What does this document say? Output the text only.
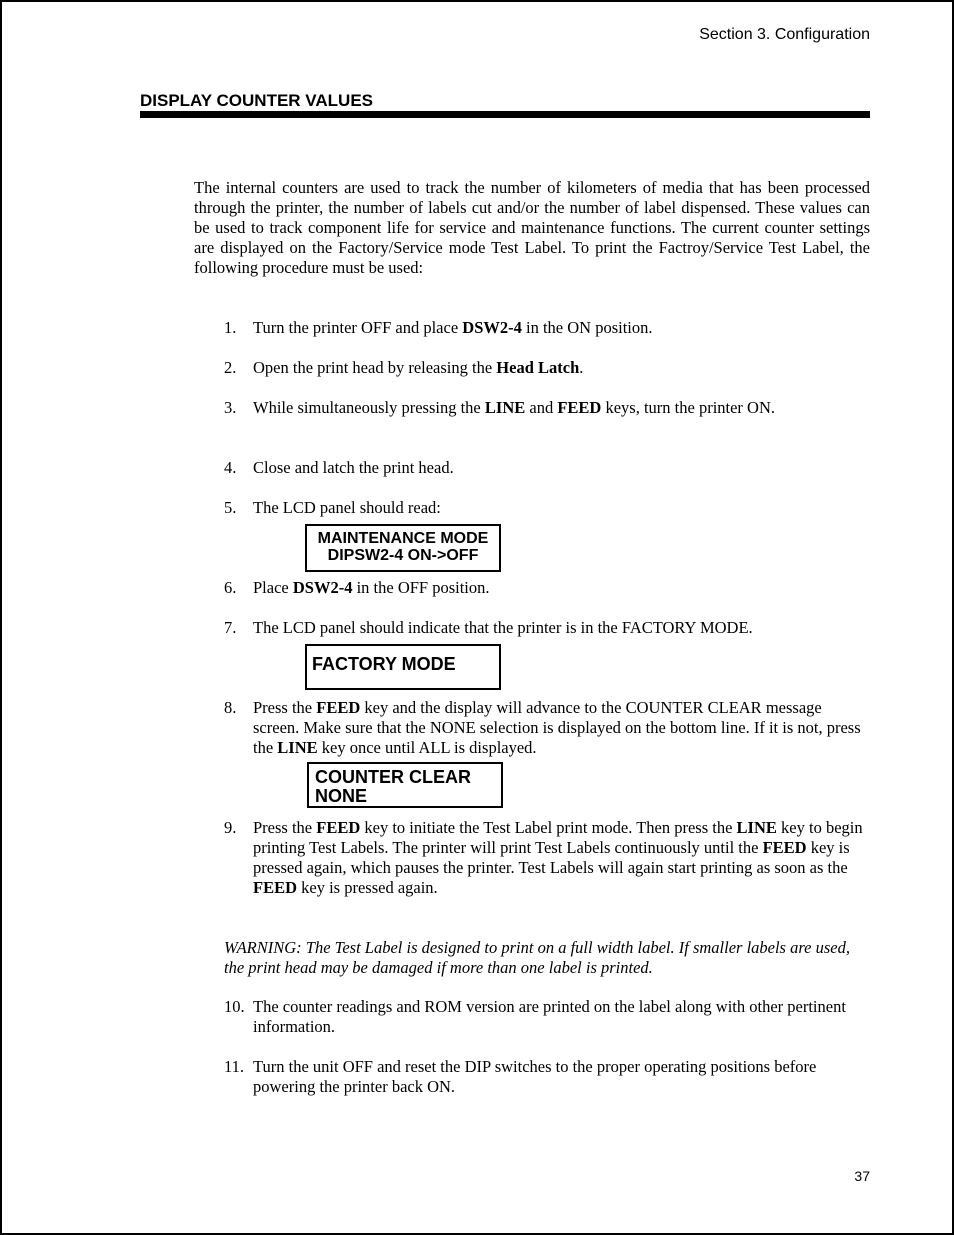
Section 3. Configuration
DISPLAY COUNTER VALUES

The internal counters are used to track the number of kilometers of media that has been processed through the printer, the number of labels cut and/or the number of label dispensed. These values can be used to track component life for service and maintenance functions. The current counter settings are displayed on the Factory/Service mode Test Label. To print the Factroy/Service Test Label, the following procedure must be used:

1. Turn the printer OFF and place DSW2-4 in the ON position.
2. Open the print head by releasing the Head Latch.
3. While simultaneously pressing the LINE and FEED keys, turn the printer ON.
4. Close and latch the print head.
5. The LCD panel should read:
MAINTENANCE MODE
DIPSW2-4 ON->OFF
6. Place DSW2-4 in the OFF position.
7. The LCD panel should indicate that the printer is in the FACTORY MODE.
FACTORY MODE
8. Press the FEED key and the display will advance to the COUNTER CLEAR message screen. Make sure that the NONE selection is displayed on the bottom line. If it is not, press the LINE key once until ALL is displayed.
COUNTER CLEAR
NONE
9. Press the FEED key to initiate the Test Label print mode. Then press the LINE key to begin printing Test Labels. The printer will print Test Labels continuously until the FEED key is pressed again, which pauses the printer. Test Labels will again start printing as soon as the FEED key is pressed again.
WARNING: The Test Label is designed to print on a full width label. If smaller labels are used, the print head may be damaged if more than one label is printed.
10. The counter readings and ROM version are printed on the label along with other pertinent information.
11. Turn the unit OFF and reset the DIP switches to the proper operating positions before powering the printer back ON.
37
